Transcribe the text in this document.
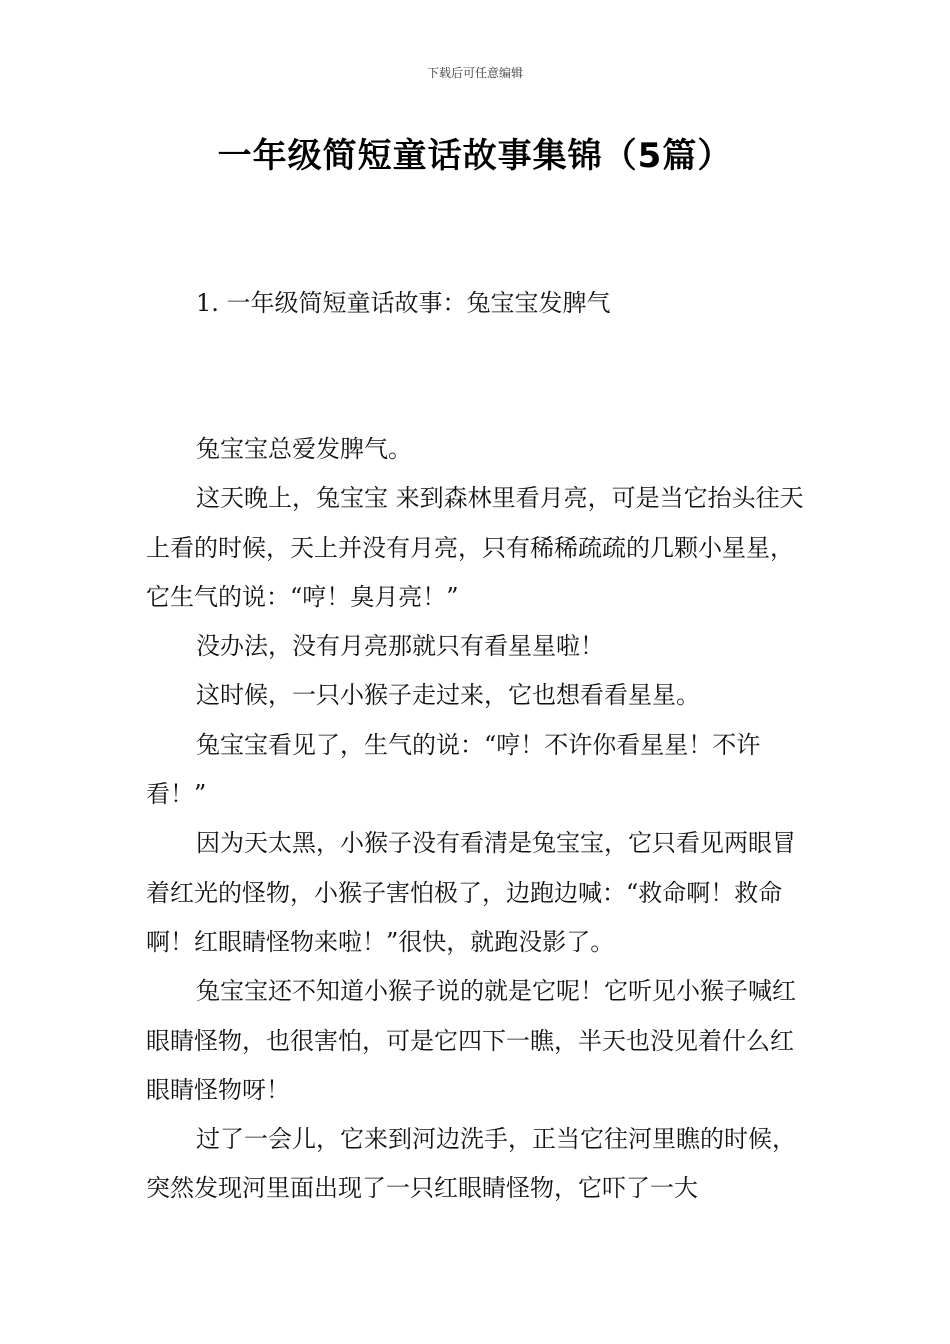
下载后可任意编辑
一年级简短童话故事集锦（5篇）
1. 一年级简短童话故事：兔宝宝发脾气

兔宝宝总爱发脾气。

这天晚上，兔宝宝 来到森林里看月亮，可是当它抬头往天上看的时候，天上并没有月亮，只有稀稀疏疏的几颗小星星，它生气的说：“哼！臭月亮！”

没办法，没有月亮那就只有看星星啦！

这时候，一只小猴子走过来，它也想看看星星。

兔宝宝看见了，生气的说：“哼！不许你看星星！不许看！”

因为天太黑，小猴子没有看清是兔宝宝，它只看见两眼冒着红光的怪物，小猴子害怕极了，边跑边喊：“救命啊！救命啊！红眼睛怪物来啦！”很快，就跑没影了。

兔宝宝还不知道小猴子说的就是它呢！它听见小猴子喊红眼睛怪物，也很害怕，可是它四下一瞧，半天也没见着什么红眼睛怪物呀！

过了一会儿，它来到河边洗手，正当它往河里瞧的时候，突然发现河里面出现了一只红眼睛怪物，它吓了一大
